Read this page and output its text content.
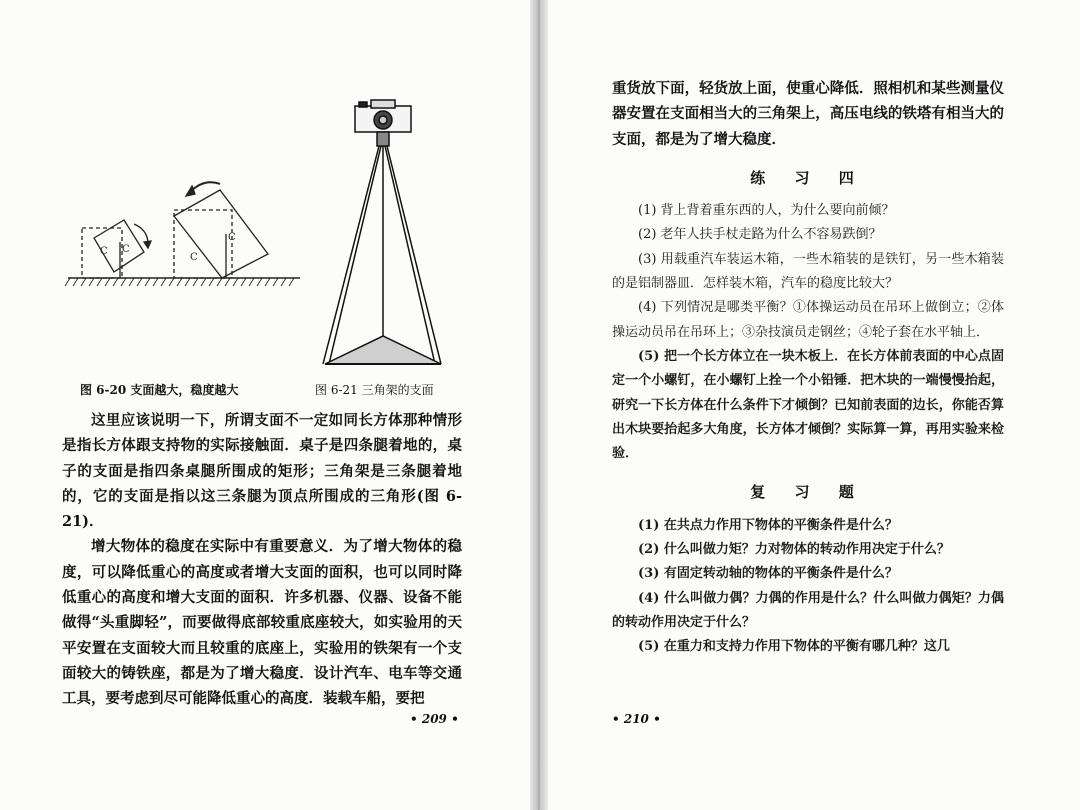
C C
C
C
图 6-20 支面越大，稳度越大	图 6-21 三角架的支面

这里应该说明一下，所谓支面不一定如同长方体那种情形是指长方体跟支持物的实际接触面．桌子是四条腿着地的，桌子的支面是指四条桌腿所围成的矩形；三角架是三条腿着地的，它的支面是指以这三条腿为顶点所围成的三角形(图 6-21)．

增大物体的稳度在实际中有重要意义．为了增大物体的稳度，可以降低重心的高度或者增大支面的面积，也可以同时降低重心的高度和增大支面的面积．许多机器、仪器、设备不能做得“头重脚轻”，而要做得底部较重底座较大，如实验用的天平安置在支面较大而且较重的底座上，实验用的铁架有一个支面较大的铸铁座，都是为了增大稳度．设计汽车、电车等交通工具，要考虑到尽可能降低重心的高度．装载车船，要把

• 209 •

重货放下面，轻货放上面，使重心降低．照相机和某些测量仪器安置在支面相当大的三角架上，高压电线的铁塔有相当大的支面，都是为了增大稳度．

练 习 四

(1) 背上背着重东西的人，为什么要向前倾？

(2) 老年人扶手杖走路为什么不容易跌倒？

(3) 用载重汽车装运木箱，一些木箱装的是铁钉，另一些木箱装的是铝制器皿．怎样装木箱，汽车的稳度比较大？

(4) 下列情况是哪类平衡？①体操运动员在吊环上做倒立；②体操运动员吊在吊环上；③杂技演员走钢丝；④轮子套在水平轴上．

(5) 把一个长方体立在一块木板上．在长方体前表面的中心点固定一个小螺钉，在小螺钉上拴一个小铅锤．把木块的一端慢慢抬起，研究一下长方体在什么条件下才倾倒？已知前表面的边长，你能否算出木块要抬起多大角度，长方体才倾倒？实际算一算，再用实验来检验．

复 习 题

(1) 在共点力作用下物体的平衡条件是什么？

(2) 什么叫做力矩？力对物体的转动作用决定于什么？

(3) 有固定转动轴的物体的平衡条件是什么？

(4) 什么叫做力偶？力偶的作用是什么？什么叫做力偶矩？力偶的转动作用决定于什么？

(5) 在重力和支持力作用下物体的平衡有哪几种？这几

• 210 •
